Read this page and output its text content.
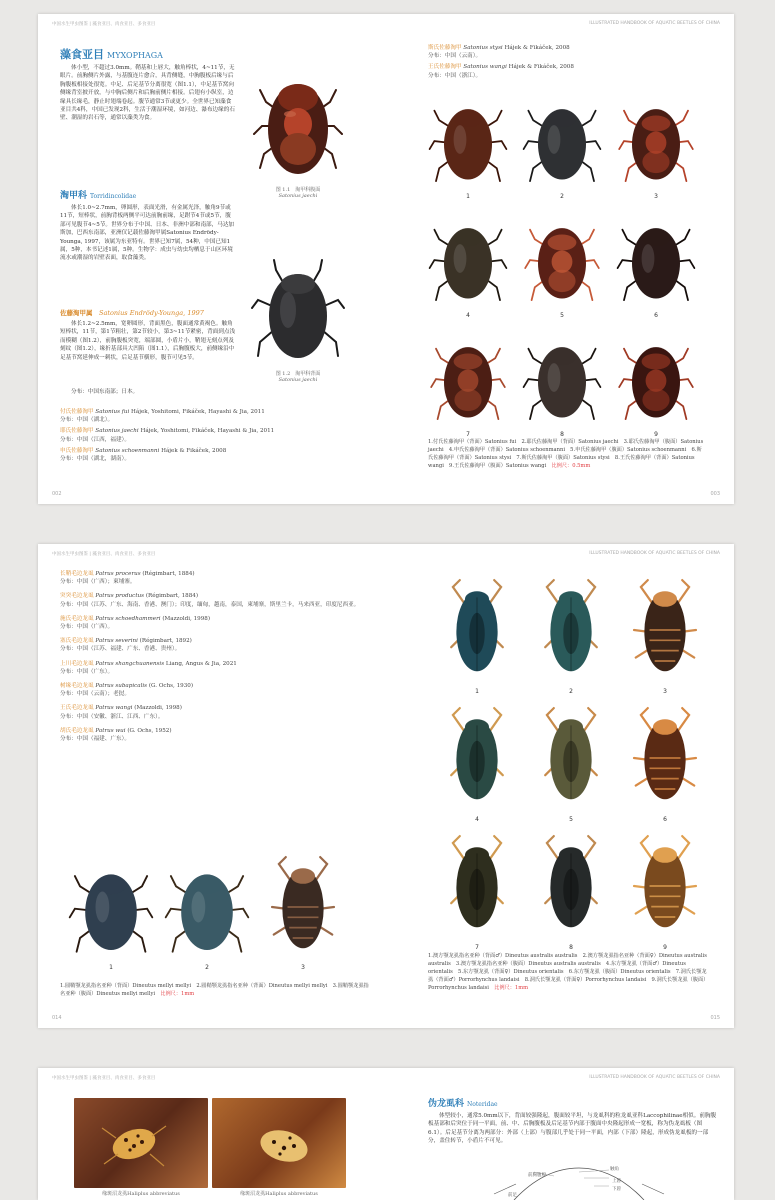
中国水生甲虫图鉴 | 藻食亚目、肉食亚目、多食亚目
藻食亚目 MYXOPHAGA
体小型，不超过3.0mm。鞘基和上唇大，触角棒状，4~11节，无眼片。前胸侧片外露，与基腹连片愈合，具背侧缝，中胸腹板后缘与后胸腹板相接处很宽。中足、后足基节分离很宽（图1.1），中足基节窝向侧缘背室披开放，与中胸后侧片和后胸前侧片相接。后翅有小纵室，边缘具长缘毛，静止时翅端卷起。腹节通常3节或更少。全世界已知藻食亚目共4科，中国已发现2科，生活于潮湿环境，如河边、瀑布边缘的石壁、潮湿的岩石等，通常以藻类为食。
淘甲科 Torridincolidae
体长1.0~2.7mm，卵圆形，表面光滑，有金属光泽，触角9节或11节，短棒状，前胸背板两侧平可达前胸前缘，足跗节4节或5节，腹部可见腹节4~5节。世界分布于中国、日本、非洲中部和南部，马达加斯加，巴西东南部，亚洲仅记载佐藤淘甲属Satonius Endrödy-Younga, 1997，该属为东亚特有。世界已知7属，54种，中国已知1属，5种，本书记述1属，5种。生物学：成虫与幼虫均栖息于山区环境流水或潮湿的岩壁表面，取食藻类。
佐藤淘甲属　 Satonius Endrödy-Younga, 1997
体长1.2~2.5mm，宽卵圆形，背面黑色，腹面通常黄褐色。触角短棒状，11节，第1节粗壮，第2节较小，第3~11节紧密，背面到点浅而模糊（图1.2），前胸腹板突宽，端部圆，小盾片小，鞘翅无刻点列及刻纹（图1.2），缘折基部具大凹陷（图1.1），后胸腹板大，前侧缘沿中足基节窝延伸成一刺状，后足基节横形，腹节可见5节。
分布：中国东南部；日本。
付氏佐藤淘甲 Satonius fui Hájek, Yoshitomi, Fikáček, Hayashi & Jia, 2011
分布：中国（湖北）。
耶氏佐藤淘甲 Satonius jaechi Hájek, Yoshitomi, Fikáček, Hayashi & Jia, 2011
分布：中国（江西，福建）。
申氏佐藤淘甲 Satonius schoenmanni Hájek & Fikáček, 2008
分布：中国（湖北，湖南）。
图 1.1　淘甲科腹面
Satonius jaechi
图 1.2　淘甲科背面
Satonius jaechi
002
ILLUSTRATED HANDBOOK OF AQUATIC BEETLES OF CHINA
斯氏佐藤淘甲 Satonius stysi Hájek & Fikáček, 2008
分布：中国（云南）。
王氏佐藤淘甲 Satonius wangi Hájek & Fikáček, 2008
分布：中国（浙江）。
1	2	3
4	5	6
7	8	9
1.付氏佐藤淘甲（背面）Satonius fui　2.耶氏佐藤淘甲（背面）Satonius jaechi　3.耶氏佐藤淘甲（腹面）Satonius jaechi　4.申氏佐藤淘甲（背面）Satonius schoenmanni　5.申氏佐藤淘甲（腹面）Satonius schoenmanni　6.斯氏佐藤淘甲（背面）Satonius stysi　7.斯氏佐藤淘甲（腹面）Satonius stysi　8.王氏佐藤淘甲（背面）Satonius wangi　9.王氏佐藤淘甲（腹面）Satonius wangi　 比例尺：0.5mm
003
中国水生甲虫图鉴 | 藻食亚目、肉食亚目、多食亚目
长鞘毛边龙虱 Patrus procerus (Régimbart, 1884)
分布：中国（广西）；柬埔寨。
突突毛边龙虱 Patrus productus (Régimbart, 1884)
分布：中国（江苏、广东、海南、香港、澳门）；印度，缅甸，越南，泰国，柬埔寨，斯里兰卡，马来西亚，印度尼西亚。
施氏毛边龙虱 Patrus schoedhammeri (Mazzoldi, 1998)
分布：中国（广西）。
塞氏毛边龙虱 Patrus severini (Régimbart, 1892)
分布：中国（江苏、福建、广东、香港、贵州）。
上川毛边龙虱 Patrus shangchuanensis Liang, Angus & Jia, 2021
分布：中国（广东）。
树缘毛边龙虱 Patrus subapicalis (G. Ochs, 1930)
分布：中国（云南）；老挝。
王氏毛边龙虱 Patrus wangi (Mazzoldi, 1998)
分布：中国（安徽、浙江、江西、广东）。
胡氏毛边龙虱 Patrus wui (G. Ochs, 1952)
分布：中国（福建、广东）。
1	2	3
1.圆鞘颚龙虱指名亚种（背面）Dineutus mellyi mellyi　2.圆鞘颚龙虱指名亚种（背面）Dineutus mellyi mellyi　3.圆鞘颚龙虱指名亚种（腹面）Dineutus mellyi mellyi　 比例尺：1mm
014
ILLUSTRATED HANDBOOK OF AQUATIC BEETLES OF CHINA
1	2	3
4	5	6
7	8	9
1.澳方颚龙虱指名亚种（背面♂）Dineutus australis australis　2.澳方颚龙虱指名亚种（背面♀）Dineutus australis australis　3.澳方颚龙虱指名亚种（腹面）Dineutus australis australis　4.东方颚龙虱（背面♂）Dineutus orientalis　5.东方颚龙虱（背面♀）Dineutus orientalis　6.东方颚龙虱（腹面）Dineutus orientalis　7.洞氏长颚龙虱（背面♂）Porrorhynchus landaisi　8.洞氏长颚龙虱（背面♀）Porrorhynchus landaisi　9.洞氏长颚龙虱（腹面）Porrorhynchus landaisi　 比例尺：1mm
015
中国水生甲虫图鉴 | 藻食亚目、肉食亚目、多食亚目
缘斑沼龙虱Haliplus abbreviatus	缘斑沼龙虱Haliplus abbreviatus
ILLUSTRATED HANDBOOK OF AQUATIC BEETLES OF CHINA
伪龙虱科 Noteridae
体型较小，通常5.0mm以下，背面较强隆起，腹面较平坦，与龙虱科的粒龙虱亚科Laccophilinae相似。前胸腹板基部和后突位于同一平面，前、中、后胸腹板及后足基节内部于腹面中央隆起形成一宽板，称为伪龙虱板（图6.1）。后足基节分离为两部分：外部（上部）与腹部几乎处于同一平面，内部（下部）隆起，形成伪龙虱板的一部分，盖住转节，小盾片不可见。
触角
上唇
下唇
前胸腹板
前足
